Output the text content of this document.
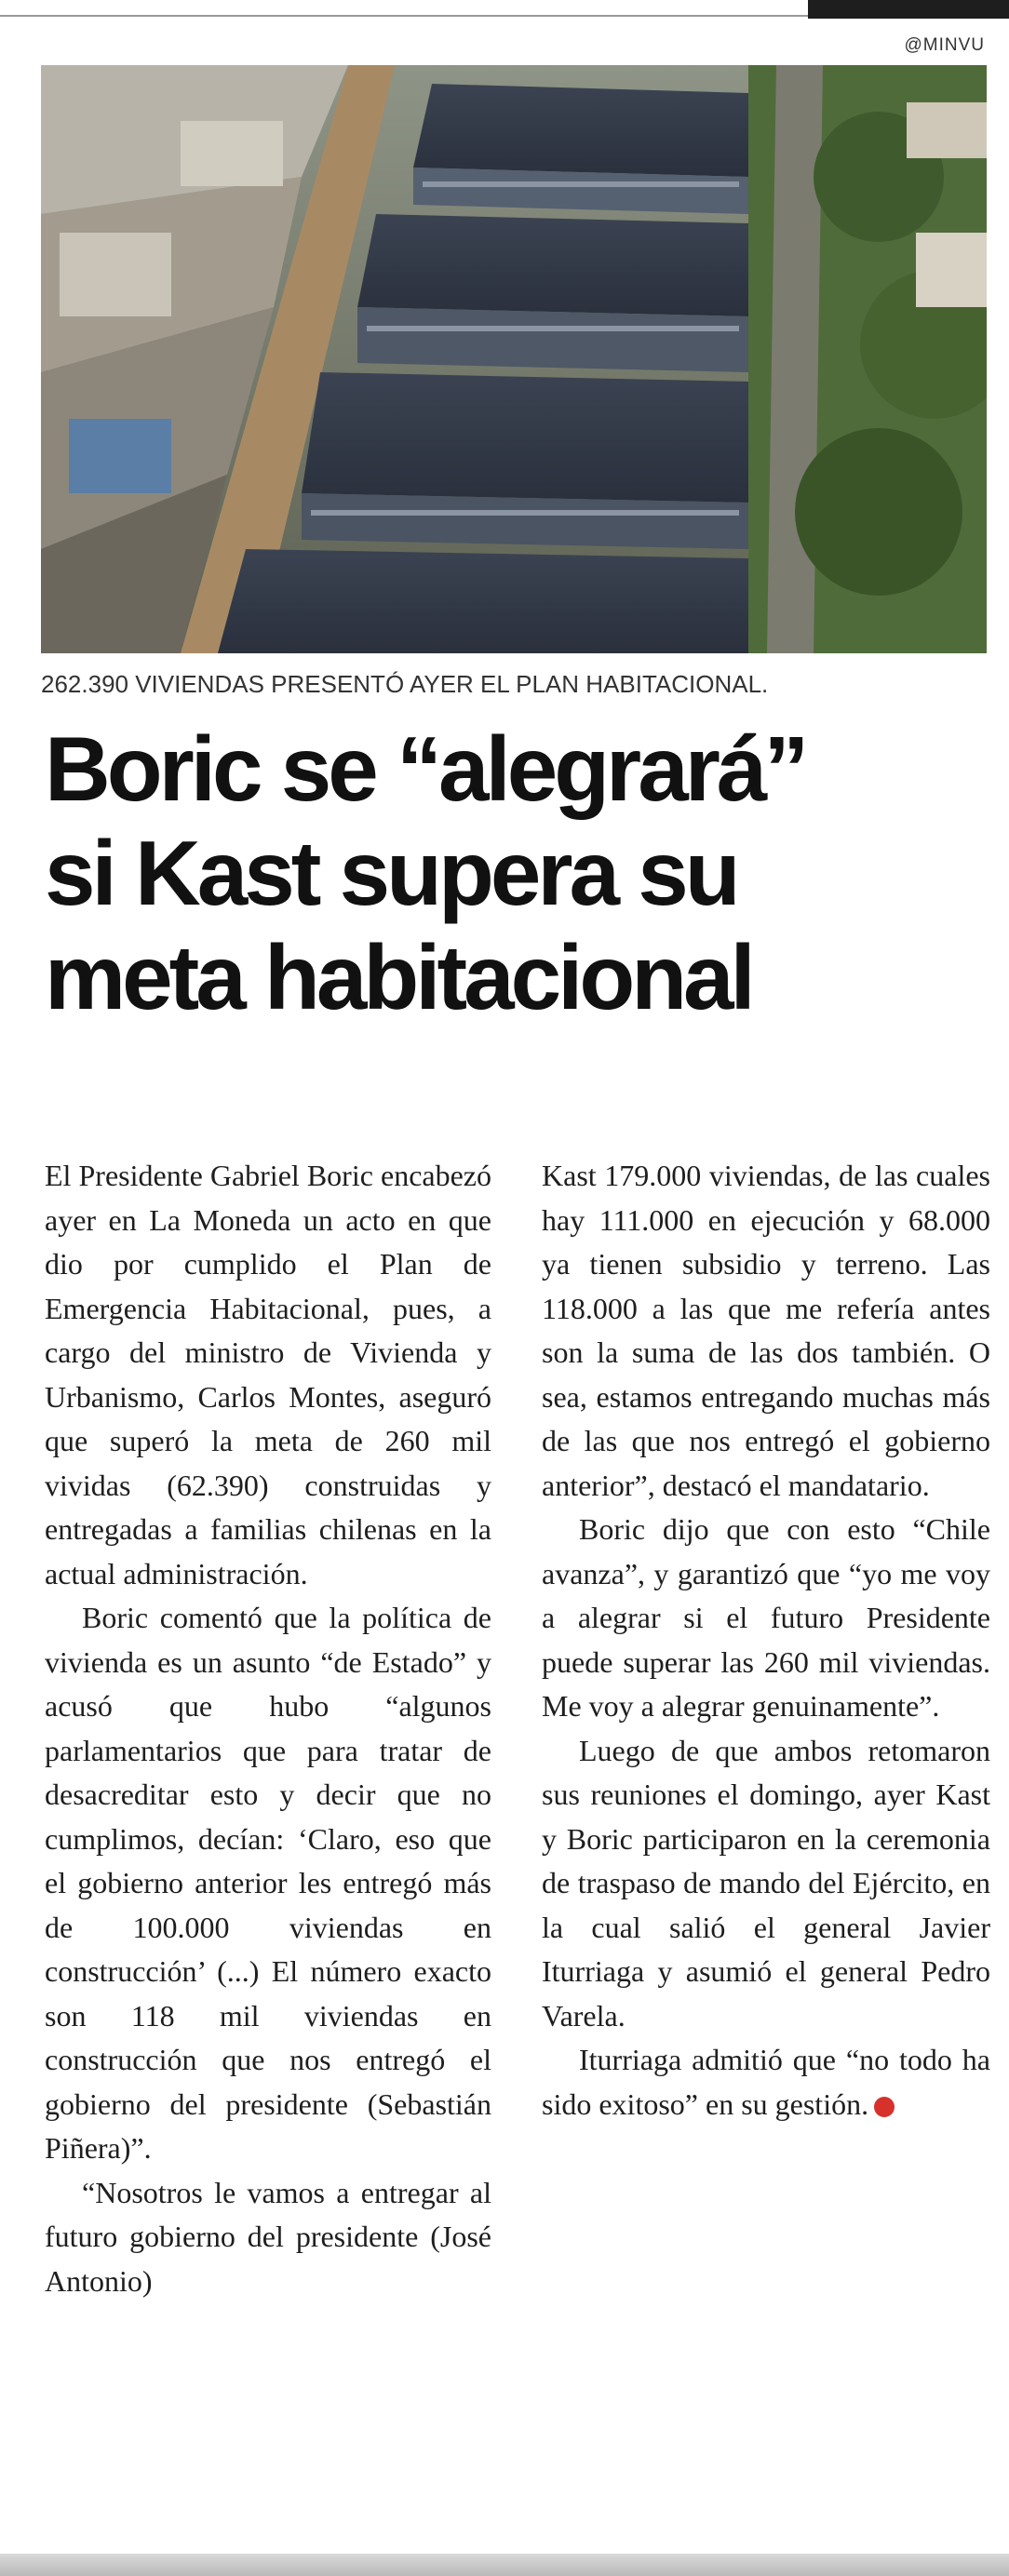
@MINVU
262.390 VIVIENDAS PRESENTÓ AYER EL PLAN HABITACIONAL.
Boric se “alegrará”
si Kast supera su
meta habitacional

El Presidente Gabriel Boric encabezó ayer en La Moneda un acto en que dio por cumplido el Plan de Emergencia Habitacional, pues, a cargo del ministro de Vivienda y Urbanismo, Carlos Montes, aseguró que superó la meta de 260 mil vividas (62.390) construidas y entregadas a familias chilenas en la actual administración.

Boric comentó que la política de vivienda es un asunto “de Estado” y acusó que hubo “algunos parlamentarios que para tratar de desacreditar esto y decir que no cumplimos, decían: ‘Claro, eso que el gobierno anterior les entregó más de 100.000 viviendas en construcción’ (...) El número exacto son 118 mil viviendas en construcción que nos entregó el gobierno del presidente (Sebastián Piñera)”.

“Nosotros le vamos a entregar al futuro gobierno del presidente (José Antonio)

Kast 179.000 viviendas, de las cuales hay 111.000 en ejecución y 68.000 ya tienen subsidio y terreno. Las 118.000 a las que me refería antes son la suma de las dos también. O sea, estamos entregando muchas más de las que nos entregó el gobierno anterior”, destacó el mandatario.

Boric dijo que con esto “Chile avanza”, y garantizó que “yo me voy a alegrar si el futuro Presidente puede superar las 260 mil viviendas. Me voy a alegrar genuinamente”.

Luego de que ambos retomaron sus reuniones el domingo, ayer Kast y Boric participaron en la ceremonia de traspaso de mando del Ejército, en la cual salió el general Javier Iturriaga y asumió el general Pedro Varela.

Iturriaga admitió que “no todo ha sido exitoso” en su gestión.	✪
